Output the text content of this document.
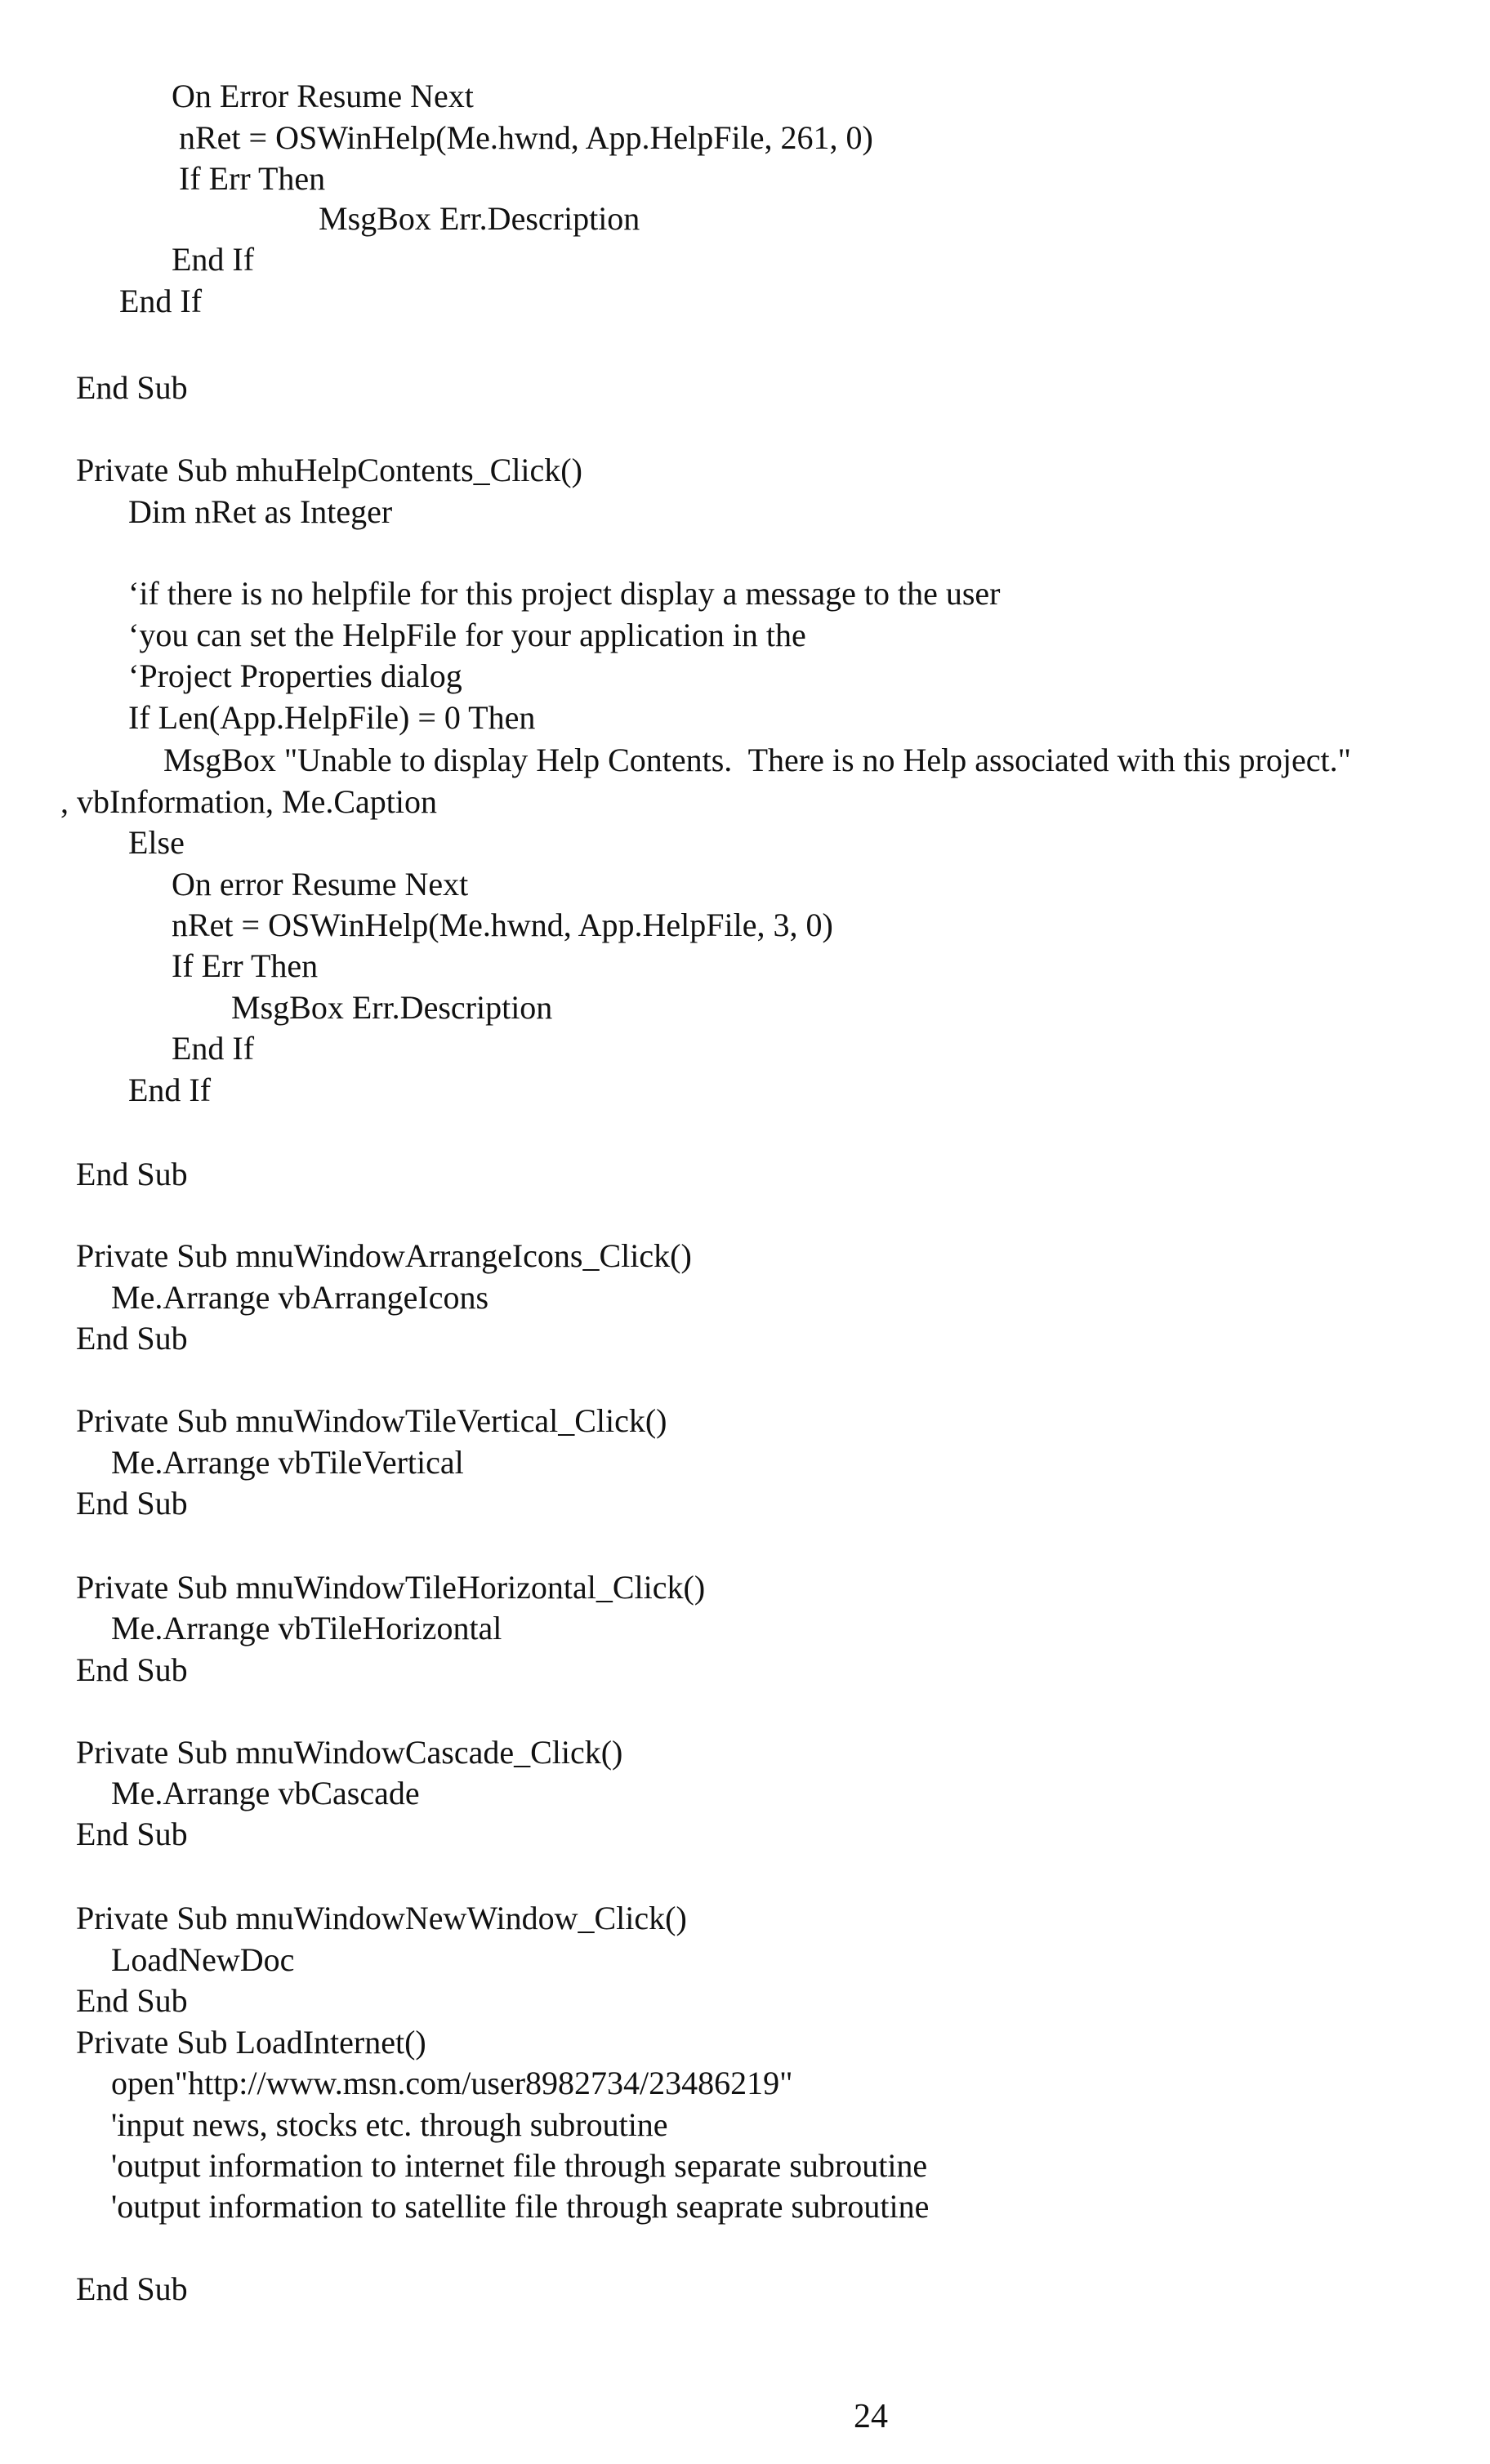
On Error Resume Next
nRet = OSWinHelp(Me.hwnd, App.HelpFile, 261, 0)
If Err Then
MsgBox Err.Description
End If
End If
End Sub
Private Sub mhuHelpContents_Click()
Dim nRet as Integer
‘if there is no helpfile for this project display a message to the user
‘you can set the HelpFile for your application in the
‘Project Properties dialog
If Len(App.HelpFile) = 0 Then
MsgBox "Unable to display Help Contents.  There is no Help associated with this project."
, vbInformation, Me.Caption
Else
On error Resume Next
nRet = OSWinHelp(Me.hwnd, App.HelpFile, 3, 0)
If Err Then
MsgBox Err.Description
End If
End If
End Sub
Private Sub mnuWindowArrangeIcons_Click()
Me.Arrange vbArrangeIcons
End Sub
Private Sub mnuWindowTileVertical_Click()
Me.Arrange vbTileVertical
End Sub
Private Sub mnuWindowTileHorizontal_Click()
Me.Arrange vbTileHorizontal
End Sub
Private Sub mnuWindowCascade_Click()
Me.Arrange vbCascade
End Sub
Private Sub mnuWindowNewWindow_Click()
LoadNewDoc
End Sub
Private Sub LoadInternet()
open"http://www.msn.com/user8982734/23486219"
'input news, stocks etc. through subroutine
'output information to internet file through separate subroutine
'output information to satellite file through seaprate subroutine
End Sub
24
